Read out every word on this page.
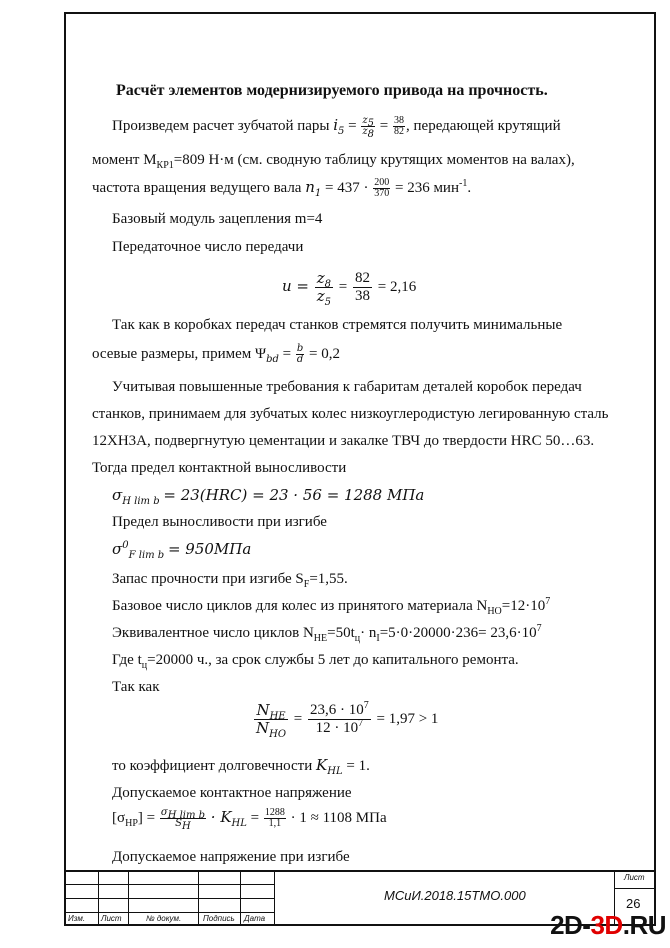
Расчёт элементов модернизируемого привода на прочность.
Произведем расчет зубчатой пары $i_5 = \frac{z_5}{z_8} = \frac{38}{82}$ , передающей крутящий
момент $M_{КР1}=809$ Н·м (см. сводную таблицу крутящих моментов на валах),
частота вращения ведущего вала $n_1 = 437 \cdot \frac{200}{370} = 236$ мин$^{-1}$.
Базовый модуль зацепления m=4
Передаточное число передачи
$u = \frac{z_8}{z_5} = \frac{82}{38} = 2,16$
Так как в коробках передач станков стремятся получить минимальные
осевые размеры, примем $\Psi_{bd} = \frac{b}{d} = 0,2$
Учитывая повышенные требования к габаритам деталей коробок передач
станков, принимаем для зубчатых колес низкоуглеродистую легированную сталь
12ХН3А, подвергнутую цементации и закалке ТВЧ до твердости HRC 50…63.
Тогда предел контактной выносливости
$\sigma_{H lim b} = 23(HRC) = 23 \cdot 56 = 1288$ МПа
Предел выносливости при изгибе
$\sigma^0_{F lim b} = 950МПа$
Запас прочности при изгибе $S_F=1,55$.
Базовое число циклов для колес из принятого материала $N_{HO}=12\cdot 10^7$
Эквивалентное число циклов $N_{HE}=50t_ц\cdot n_I=5\cdot 0\cdot 20000\cdot 236= 23,6\cdot 10^7$
Где $t_ц=20000$ ч., за срок службы 5 лет до капитального ремонта.
Так как
$N_{HE}$
$N_{HO}$
= $\frac{23,6 \cdot 10^7}{12 \cdot 10^7} = 1,97 > 1$
то коэффициент долговечности $K_{HL} = 1$.
Допускаемое контактное напряжение
$[\sigma_{HP}] = \frac{\sigma_{H lim b}}{S_H} \cdot K_{HL} = \frac{1288}{1,1} \cdot 1 \approx 1108$ МПа
Допускаемое напряжение при изгибе
Изм. Лист	№ докум.	Подпись Дата
МСиИ.2018.15ТМО.000
Лист
26
2D-3D.RU
